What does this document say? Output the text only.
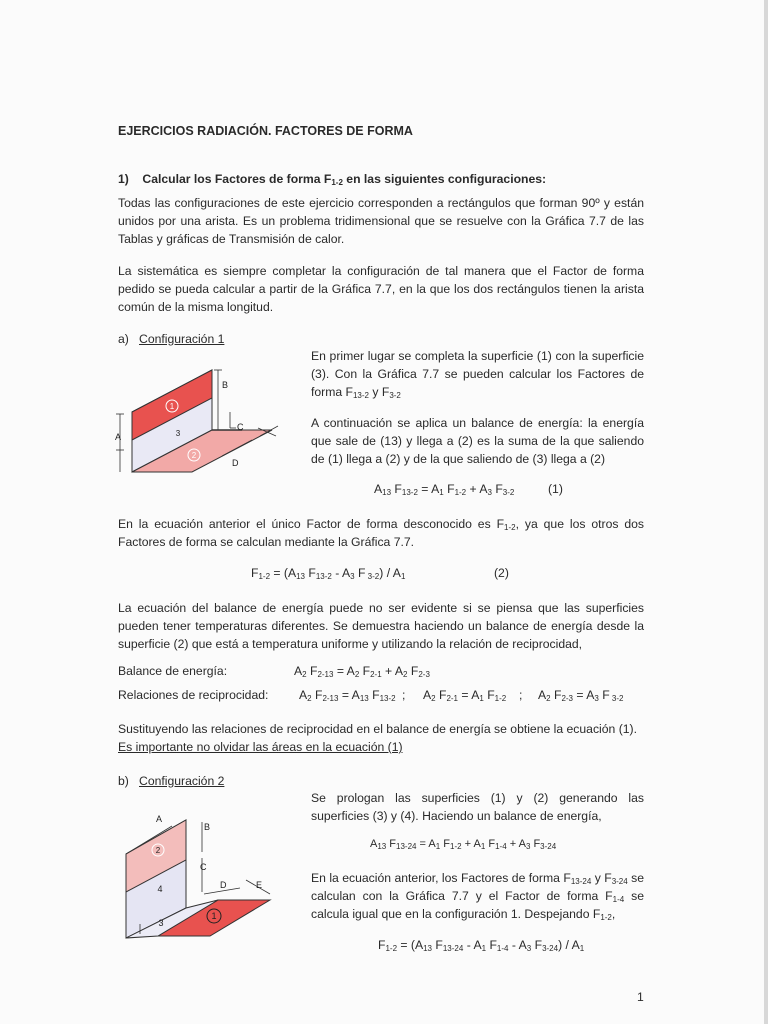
EJERCICIOS RADIACIÓN. FACTORES DE FORMA
1) Calcular los Factores de forma $F_{1-2}$ en las siguientes configuraciones:
Todas las configuraciones de este ejercicio corresponden a rectángulos que forman 90º y están unidos por una arista. Es un problema tridimensional que se resuelve con la Gráfica 7.7 de las Tablas y gráficas de Transmisión de calor.
La sistemática es siempre completar la configuración de tal manera que el Factor de forma pedido se pueda calcular a partir de la Gráfica 7.7, en la que los dos rectángulos tienen la arista común de la misma longitud.
a) Configuración 1
1
3
2
A
B
C
D
En primer lugar se completa la superficie (1) con la superficie (3). Con la Gráfica 7.7 se pueden calcular los Factores de forma $F_{13-2}$ y $F_{3-2}$
A continuación se aplica un balance de energía: la energía que sale de (13) y llega a (2) es la suma de la que saliendo de (1) llega a (2) y de la que saliendo de (3) llega a (2)
$A_{13}$ $F_{13-2} = A_1$ $F_{1-2} + A_3$ $F_{3-2}$	(1)
En la ecuación anterior el único Factor de forma desconocido es $F_{1-2}$, ya que los otros dos Factores de forma se calculan mediante la Gráfica 7.7.
$F_{1-2} = (A_{13}$ $F_{13-2} - A_3$ F $_{3-2}) / A_1$	(2)
La ecuación del balance de energía puede no ser evidente si se piensa que las superficies pueden tener temperaturas diferentes. Se demuestra haciendo un balance de energía desde la superficie (2) que está a temperatura uniforme y utilizando la relación de reciprocidad,
Balance de energía:	$A_2$ $F_{2-13} = A_2$ $F_{2-1} + A_2$ $F_{2-3}$
Relaciones de reciprocidad:	$A_2$ $F_{2-13} = A_{13}$ $F_{13-2}$ ; $A_2$ $F_{2-1} = A_1$ $F_{1-2}$ ; $A_2$ $F_{2-3} = A_3$ F $_{3-2}$
Sustituyendo las relaciones de reciprocidad en el balance de energía se obtiene la ecuación (1).
Es importante no olvidar las áreas en la ecuación (1)
b) Configuración 2
2
4
3
1
A
B
C
D	E
Se prologan las superficies (1) y (2) generando las superficies (3) y (4). Haciendo un balance de energía,
$A_{13}$ $F_{13-24} = A_1$ $F_{1-2} + A_1$ $F_{1-4} + A_3$ $F_{3-24}$
En la ecuación anterior, los Factores de forma $F_{13-24}$ y $F_{3-24}$ se calculan con la Gráfica 7.7 y el Factor de forma $F_{1-4}$ se calcula igual que en la configuración 1. Despejando $F_{1-2}$,
$F_{1-2} = (A_{13}$ $F_{13-24} - A_1$ $F_{1-4} - A_3$ $F_{3-24}) / A_1$
1
